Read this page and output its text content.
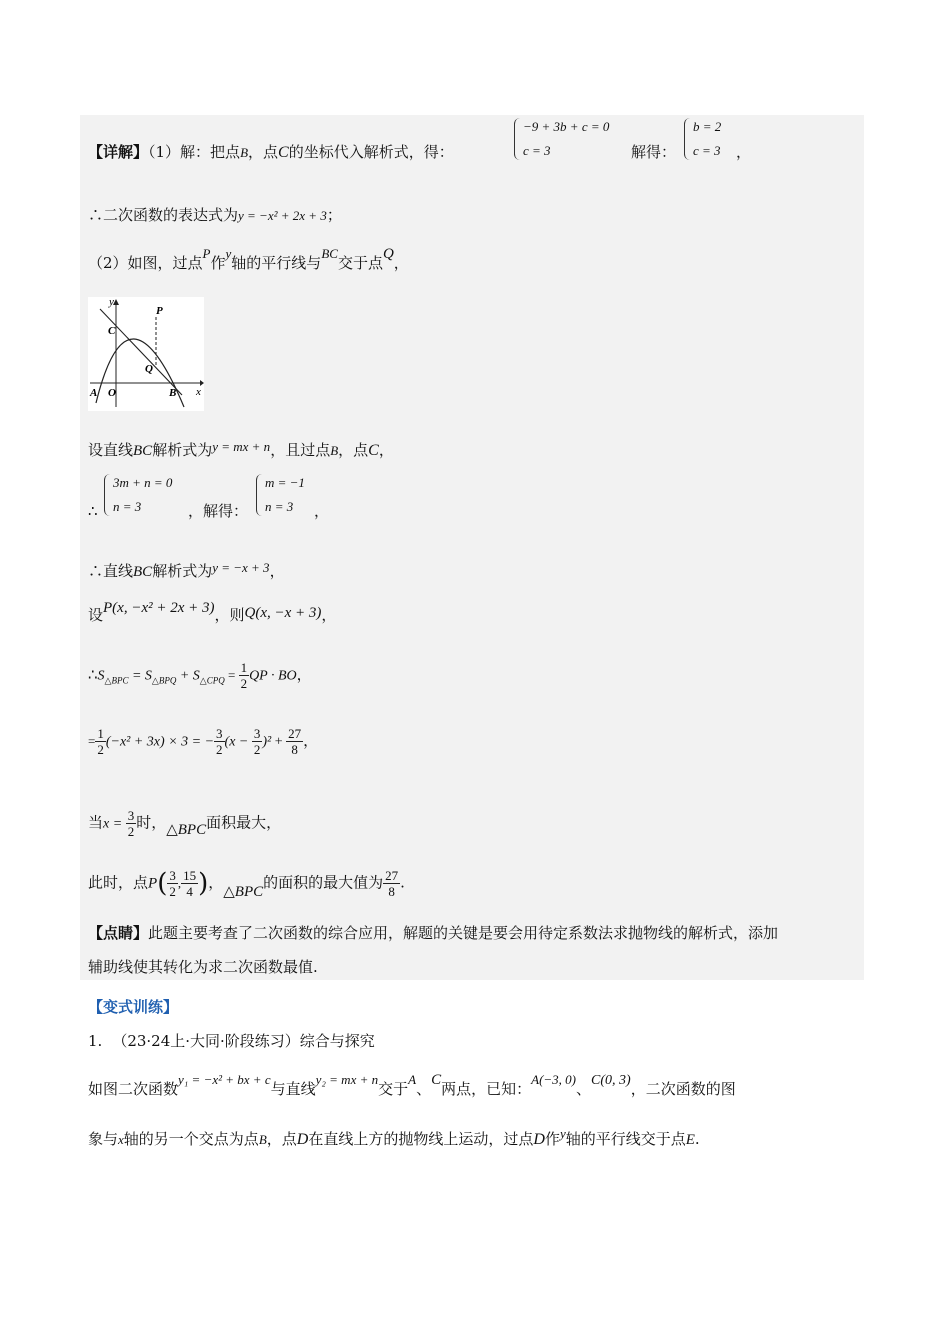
【详解】（1）解：把点B，点C的坐标代入解析式，得：
−9 + 3b + c = 0
c = 3	解得：
b = 2
c = 3 ，
∴二次函数的表达式为y = −x² + 2x + 3；
（2）如图，过点P作y轴的平行线与BC交于点Q，
y
x
P
C
Q
A O	B
设直线BC解析式为y = mx + n，且过点B，点C，
∴
3m + n = 0
n = 3	，解得：
m = −1
n = 3 ，
∴直线BC解析式为y = −x + 3，
设P(x, −x² + 2x + 3)，则Q(x, −x + 3)，
$\therefore S_{\triangle BPC} = S_{\triangle BPQ} + S_{\triangle CPQ} = \frac{1}{2}$ QP · BO，
= $\frac{1}{2} (-x^2 + 3x) \times 3$ = − $\frac{3}{2} (x - \frac{3}{2} )^2 + \frac{27}{8}$ ，
当$x = \frac{3}{2}$ 时，△BPC面积最大，
此时，点$P( \frac{3}{2}$ , $\frac{15}{4}$ )，△BPC的面积的最大值为 $\frac{27}{8}$ .
【点睛】此题主要考查了二次函数的综合应用，解题的关键是要会用待定系数法求抛物线的解析式，添加
辅助线使其转化为求二次函数最值.
【变式训练】
1. （23·24上·大同·阶段练习）综合与探究
如图二次函数y₁ = −x² + bx + c与直线y₂ = mx + n交于A、C两点，已知：A(−3, 0)、C(0, 3)，二次函数的图
象与x轴的另一个交点为点B，点D在直线上方的抛物线上运动，过点D作y轴的平行线交于点E.
